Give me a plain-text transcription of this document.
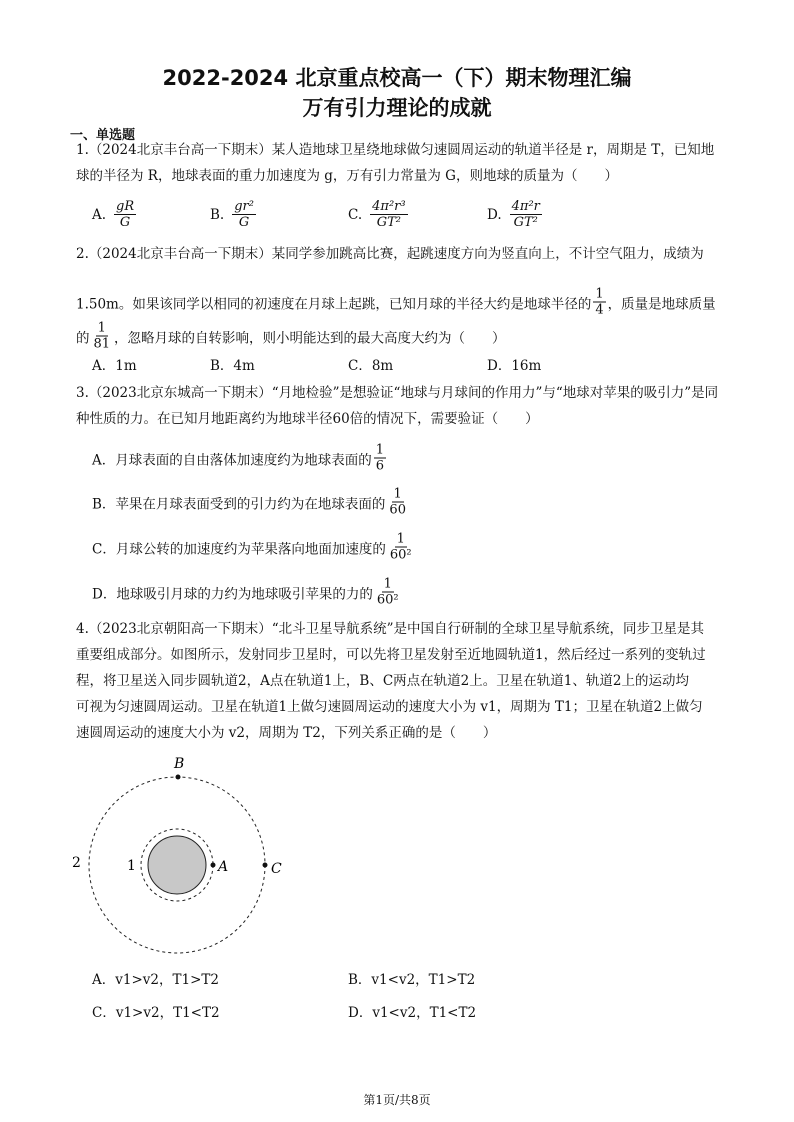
2022-2024 北京重点校高一（下）期末物理汇编
万有引力理论的成就
一、单选题
1.（2024北京丰台高一下期末）某人造地球卫星绕地球做匀速圆周运动的轨道半径是 r，周期是 T，已知地
球的半径为 R，地球表面的重力加速度为 g，万有引力常量为 G，则地球的质量为（　　）
A. $\frac{gR}{G}$	B. $\frac{\text{gr²}}{G}$	C. $\frac{\text{4π²r³}}{\text{GT²}}$	D. $\frac{\text{4π²r}}{\text{GT²}}$
2.（2024北京丰台高一下期末）某同学参加跳高比赛，起跳速度方向为竖直向上，不计空气阻力，成绩为
1.50m。如果该同学以相同的初速度在月球上起跳，已知月球的半径大约是地球半径的 $\frac{1}{4}$ ，质量是地球质量
的 $\frac{1}{81}$ ，忽略月球的自转影响，则小明能达到的最大高度大约为（　　）
A．1m	B．4m	C．8m	D．16m
3.（2023北京东城高一下期末）“月地检验”是想验证“地球与月球间的作用力”与“地球对苹果的吸引力”是同
种性质的力。在已知月地距离约为地球半径60倍的情况下，需要验证（　　）
A．月球表面的自由落体加速度约为地球表面的 $\frac{1}{6}$
B．苹果在月球表面受到的引力约为在地球表面的 $\frac{1}{60}$
C．月球公转的加速度约为苹果落向地面加速度的 $\frac{1}{\text{60²}}$
D．地球吸引月球的力约为地球吸引苹果的力的 $\frac{1}{\text{60²}}$
4.（2023北京朝阳高一下期末）“北斗卫星导航系统”是中国自行研制的全球卫星导航系统，同步卫星是其
重要组成部分。如图所示，发射同步卫星时，可以先将卫星发射至近地圆轨道1，然后经过一系列的变轨过
程，将卫星送入同步圆轨道2，A点在轨道1上，B、C两点在轨道2上。卫星在轨道1、轨道2上的运动均
可视为匀速圆周运动。卫星在轨道1上做匀速圆周运动的速度大小为 v1，周期为 T1；卫星在轨道2上做匀
速圆周运动的速度大小为 v2，周期为 T2，下列关系正确的是（　　）
B
A	C
1
2
A．v1>v2，T1>T2	B．v1<v2，T1>T2
C．v1>v2，T1<T2	D．v1<v2，T1<T2
第1页/共8页
